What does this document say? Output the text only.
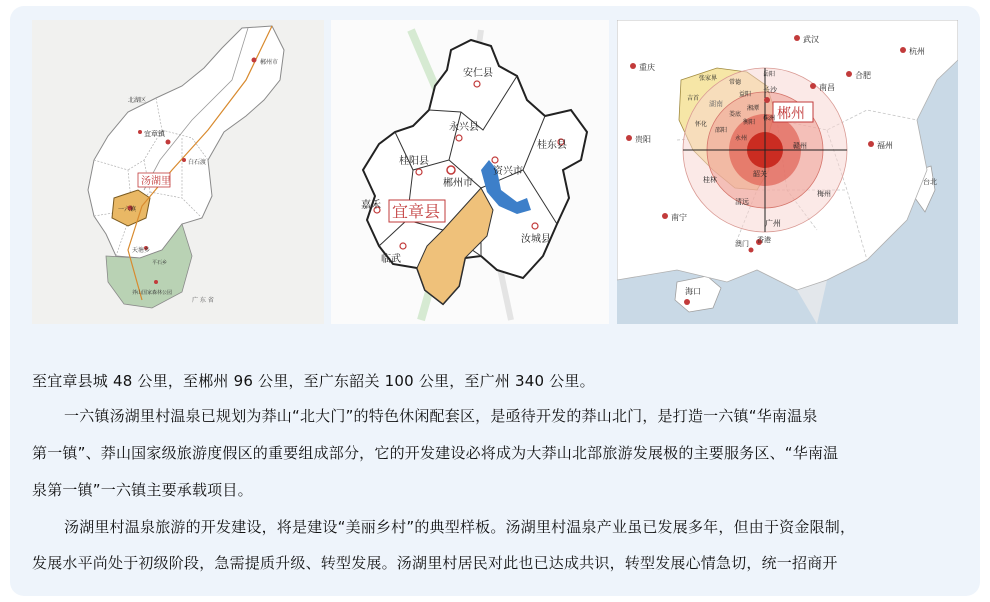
郴州市
北湖区
宜章镇
白石渡
汤湖里
一六镇
天塘乡
莽山国家森林公园
广 东 省
平石乡
安仁县
永兴县
桂阳县
资兴市
桂东县
郴州市
嘉禾 宜章县
临武
汝城县
武汉
重庆
合肥
杭州
南昌
贵阳
福州
长沙
郴州
赣州
韶关
桂林
清远
梅州
南宁
广州
澳门 香港
台北
海口
湖南
永州
衡阳
湘潭
株洲
岳阳
怀化
邵阳
娄底
常德
张家界
吉首
益阳
至宜章县城 48 公里，至郴州 96 公里，至广东韶关 100 公里，至广州 340 公里。
一六镇汤湖里村温泉已规划为莽山“北大门”的特色休闲配套区，是亟待开发的莽山北门，是打造一六镇“华南温泉
第一镇”、莽山国家级旅游度假区的重要组成部分，它的开发建设必将成为大莽山北部旅游发展极的主要服务区、“华南温
泉第一镇”一六镇主要承载项目。
汤湖里村温泉旅游的开发建设，将是建设“美丽乡村”的典型样板。汤湖里村温泉产业虽已发展多年，但由于资金限制，
发展水平尚处于初级阶段，急需提质升级、转型发展。汤湖里村居民对此也已达成共识，转型发展心情急切，统一招商开
